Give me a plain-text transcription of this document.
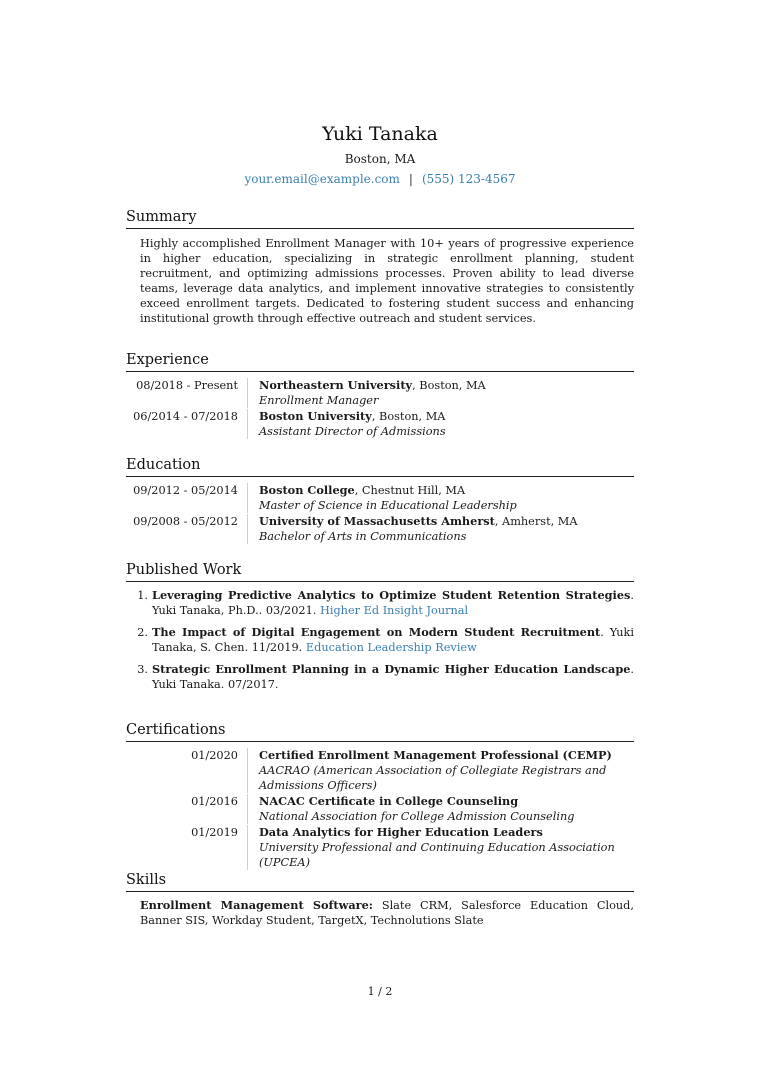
Yuki Tanaka
Boston, MA
your.email@example.com | (555) 123-4567
Summary
Highly accomplished Enrollment Manager with 10+ years of progressive experience in higher education, specializing in strategic enrollment planning, student recruitment, and optimizing admissions processes. Proven ability to lead diverse teams, leverage data analytics, and implement innovative strategies to consistently exceed enrollment targets. Dedicated to fostering student success and enhancing institutional growth through effective outreach and student services.
Experience
08/2018 - Present	Northeastern University, Boston, MA
Enrollment Manager
06/2014 - 07/2018	Boston University, Boston, MA
Assistant Director of Admissions
Education
09/2012 - 05/2014	Boston College, Chestnut Hill, MA
Master of Science in Educational Leadership
09/2008 - 05/2012	University of Massachusetts Amherst, Amherst, MA
Bachelor of Arts in Communications
Published Work
1. Leveraging Predictive Analytics to Optimize Student Retention Strategies. Yuki Tanaka, Ph.D.. 03/2021. Higher Ed Insight Journal
2. The Impact of Digital Engagement on Modern Student Recruitment. Yuki Tanaka, S. Chen. 11/2019. Education Leadership Review
3. Strategic Enrollment Planning in a Dynamic Higher Education Landscape. Yuki Tanaka. 07/2017.
Certifications
01/2020	Certified Enrollment Management Professional (CEMP)
AACRAO (American Association of Collegiate Registrars and Admissions Officers)
01/2016	NACAC Certificate in College Counseling
National Association for College Admission Counseling
01/2019	Data Analytics for Higher Education Leaders
University Professional and Continuing Education Association (UPCEA)
Skills
Enrollment Management Software: Slate CRM, Salesforce Education Cloud, Banner SIS, Workday Student, TargetX, Technolutions Slate
1 / 2
